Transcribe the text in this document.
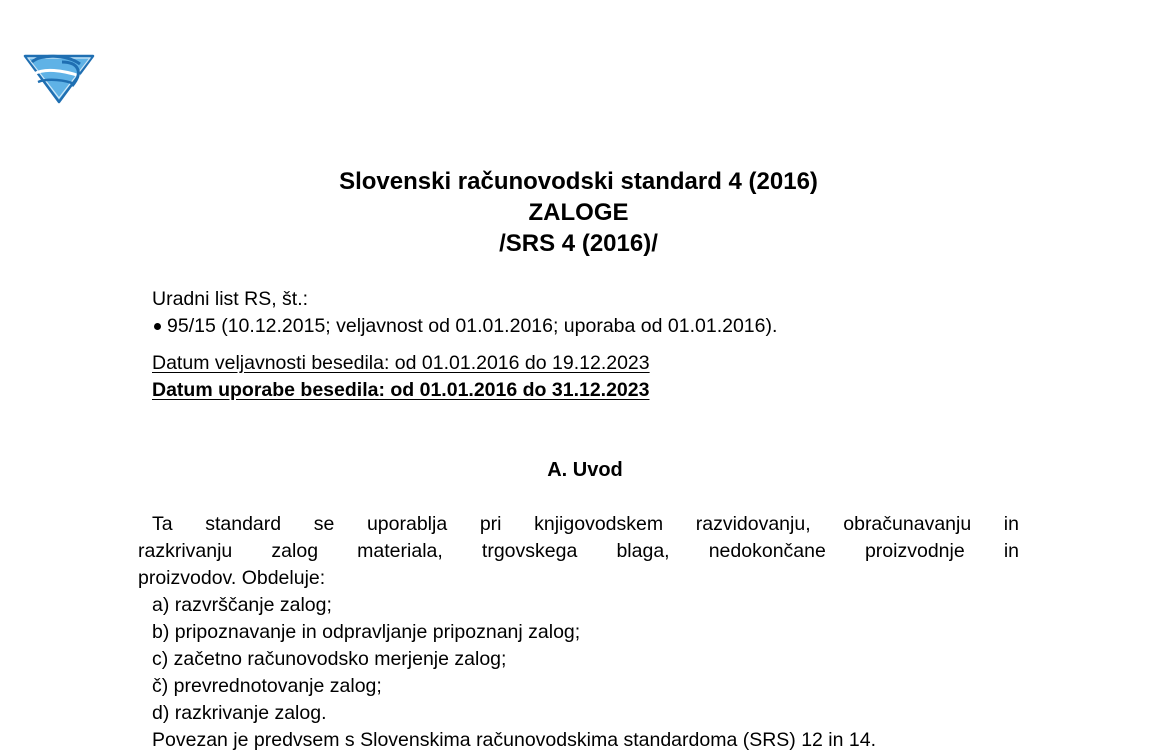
Slovenski računovodski standard 4 (2016)
ZALOGE
/SRS 4 (2016)/
Uradni list RS, št.:
95/15 (10.12.2015; veljavnost od 01.01.2016; uporaba od 01.01.2016).
Datum veljavnosti besedila: od 01.01.2016 do 19.12.2023
Datum uporabe besedila: od 01.01.2016 do 31.12.2023
A. Uvod
Ta standard se uporablja pri knjigovodskem razvidovanju, obračunavanju in
razkrivanju zalog materiala, trgovskega blaga, nedokončane proizvodnje in
proizvodov. Obdeluje:
a) razvrščanje zalog;
b) pripoznavanje in odpravljanje pripoznanj zalog;
c) začetno računovodsko merjenje zalog;
č) prevrednotovanje zalog;
d) razkrivanje zalog.
Povezan je predvsem s Slovenskima računovodskima standardoma (SRS) 12 in 14.
